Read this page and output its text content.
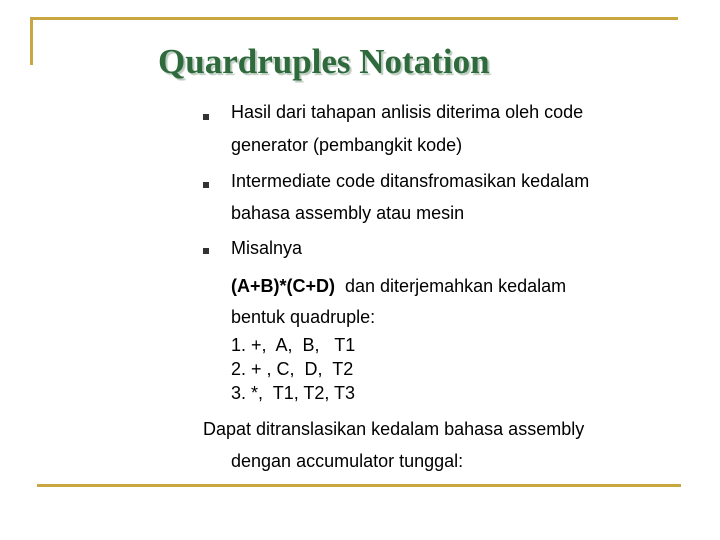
Quardruples Notation
Hasil dari tahapan anlisis diterima oleh code
generator (pembangkit kode)
Intermediate code ditansfromasikan kedalam
bahasa assembly atau mesin
Misalnya
(A+B)*(C+D)  dan diterjemahkan kedalam
bentuk quadruple:
1. +,  A,  B,   T1
2. + , C,  D,  T2
3. *,  T1, T2, T3
Dapat ditranslasikan kedalam bahasa assembly
dengan accumulator tunggal:
